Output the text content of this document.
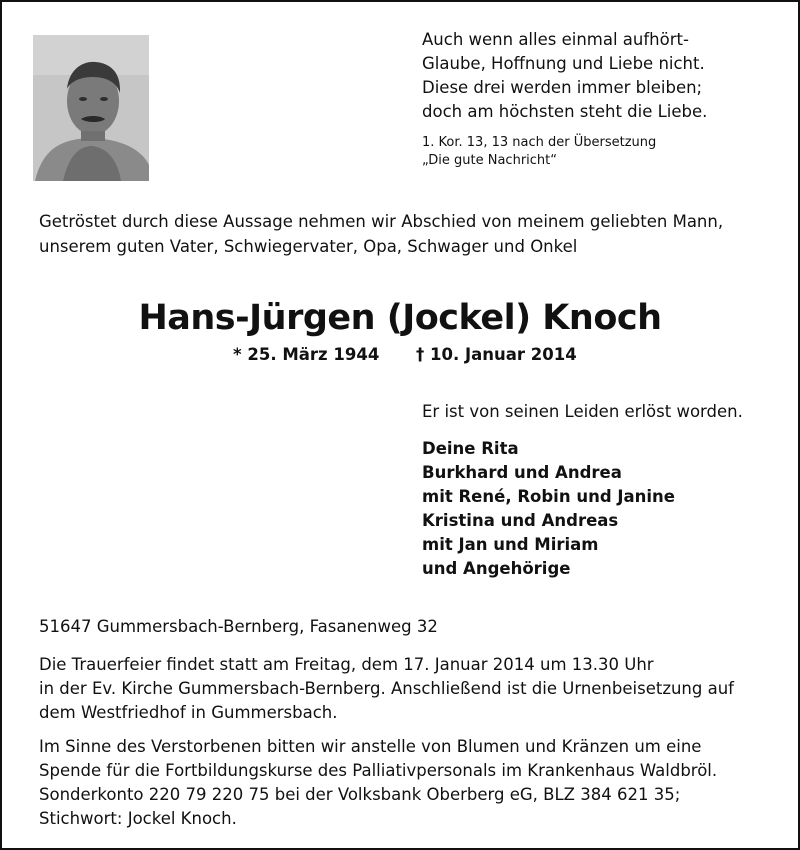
Auch wenn alles einmal aufhört-
Glaube, Hoffnung und Liebe nicht.
Diese drei werden immer bleiben;
doch am höchsten steht die Liebe.
1. Kor. 13, 13 nach der Übersetzung
„Die gute Nachricht“
Getröstet durch diese Aussage nehmen wir Abschied von meinem geliebten Mann,
unserem guten Vater, Schwiegervater, Opa, Schwager und Onkel
Hans-Jürgen (Jockel) Knoch
* 25. März 1944 † 10. Januar 2014
Er ist von seinen Leiden erlöst worden.
Deine Rita
Burkhard und Andrea
mit René, Robin und Janine
Kristina und Andreas
mit Jan und Miriam
und Angehörige
51647 Gummersbach-Bernberg, Fasanenweg 32
Die Trauerfeier findet statt am Freitag, dem 17. Januar 2014 um 13.30 Uhr
in der Ev. Kirche Gummersbach-Bernberg. Anschließend ist die Urnenbeisetzung auf
dem Westfriedhof in Gummersbach.
Im Sinne des Verstorbenen bitten wir anstelle von Blumen und Kränzen um eine
Spende für die Fortbildungskurse des Palliativpersonals im Krankenhaus Waldbröl.
Sonderkonto 220 79 220 75 bei der Volksbank Oberberg eG, BLZ 384 621 35;
Stichwort: Jockel Knoch.
